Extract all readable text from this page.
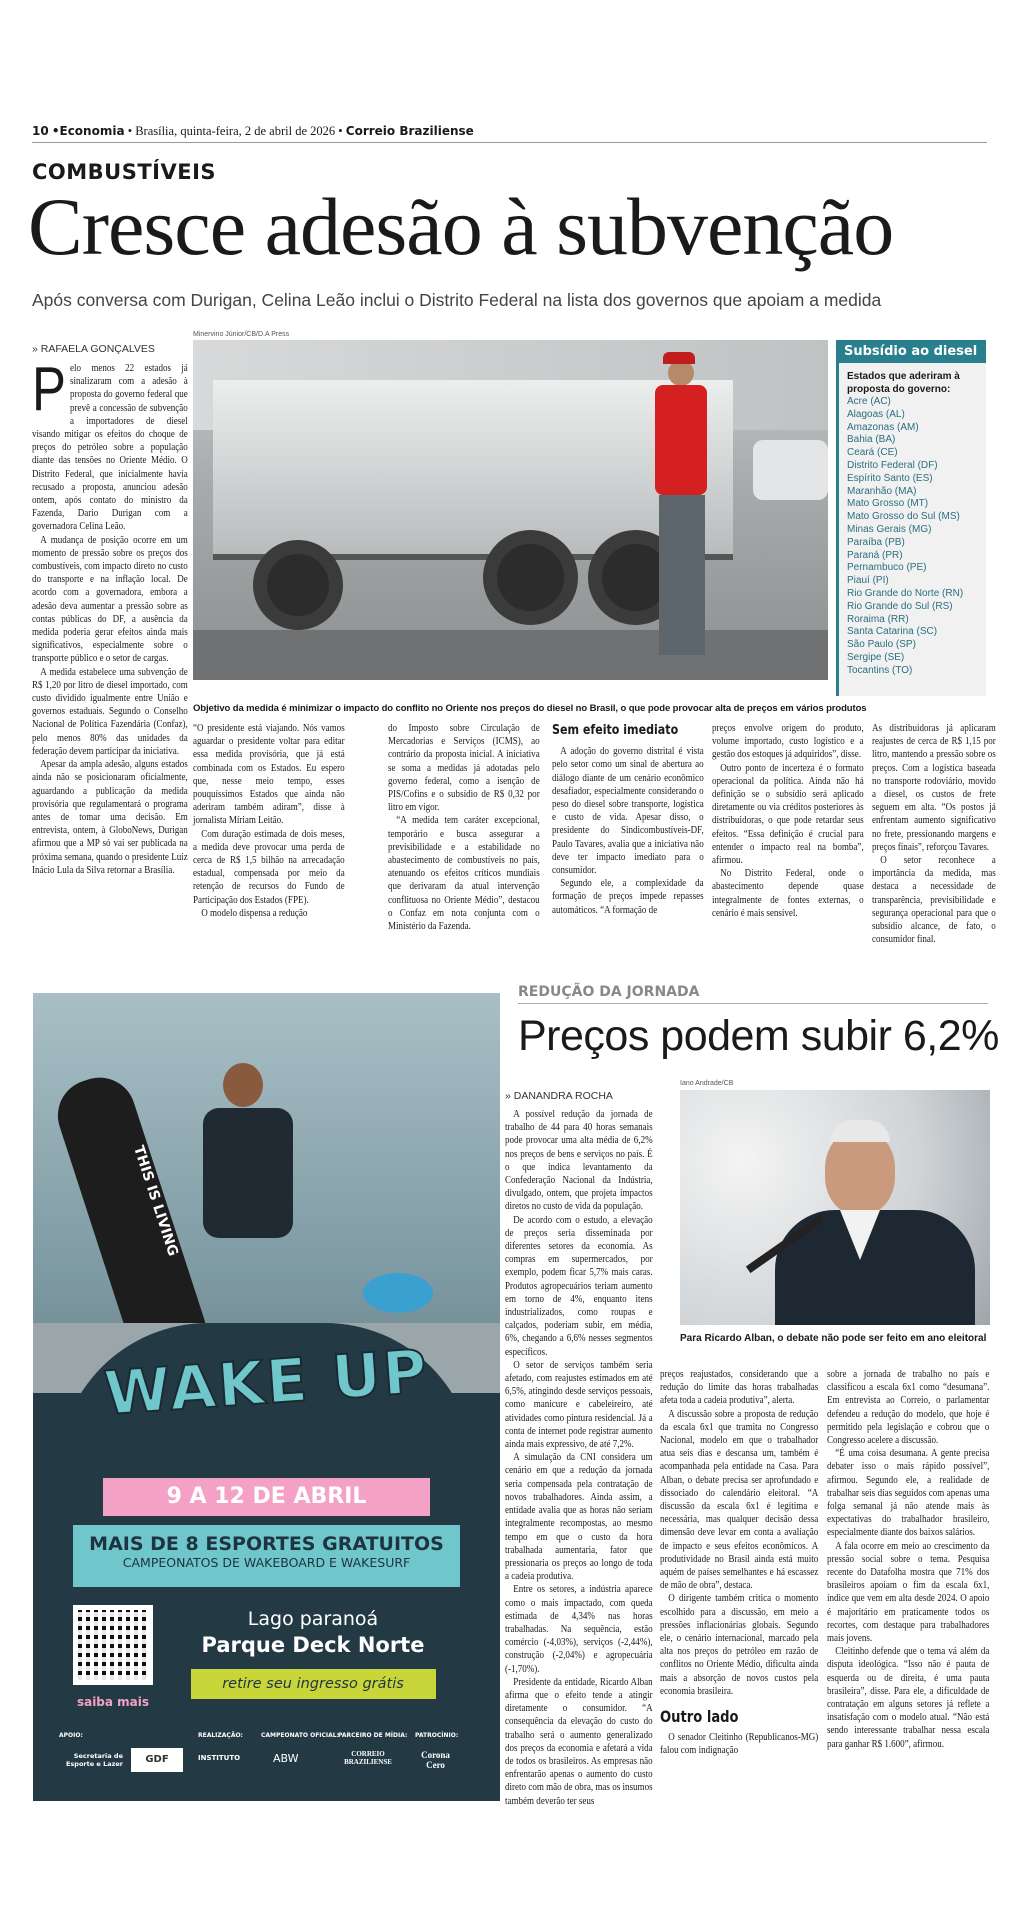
10 •Economia • Brasília, quinta-feira, 2 de abril de 2026 • Correio Braziliense
COMBUSTÍVEIS
Cresce adesão à subvenção
Após conversa com Durigan, Celina Leão inclui o Distrito Federal na lista dos governos que apoiam a medida
» RAFAELA GONÇALVES
P elo menos 22 estados já sinalizaram com a adesão à proposta do governo federal que prevê a concessão de subvenção a importadores de diesel visando mitigar os efeitos do choque de preços do petróleo sobre a população diante das tensões no Oriente Médio. O Distrito Federal, que inicialmente havia recusado a proposta, anunciou adesão ontem, após contato do ministro da Fazenda, Dario Durigan com a governadora Celina Leão.

A mudança de posição ocorre em um momento de pressão sobre os preços dos combustíveis, com impacto direto no custo do transporte e na inflação local. De acordo com a governadora, embora a adesão deva aumentar a pressão sobre as contas públicas do DF, a ausência da medida poderia gerar efeitos ainda mais significativos, especialmente sobre o transporte público e o setor de cargas.

A medida estabelece uma subvenção de R$ 1,20 por litro de diesel importado, com custo dividido igualmente entre União e governos estaduais. Segundo o Conselho Nacional de Política Fazendária (Confaz), pelo menos 80% das unidades da federação devem participar da iniciativa.

Apesar da ampla adesão, alguns estados ainda não se posicionaram oficialmente, aguardando a publicação da medida provisória que regulamentará o programa antes de tomar uma decisão. Em entrevista, ontem, à GloboNews, Durigan afirmou que a MP só vai ser publicada na próxima semana, quando o presidente Luiz Inácio Lula da Silva retornar a Brasília.

Minervino Júnior/CB/D.A Press
Objetivo da medida é minimizar o impacto do conflito no Oriente nos preços do diesel no Brasil, o que pode provocar alta de preços em vários produtos
Subsídio ao diesel
Estados que aderiram à proposta do governo:
Acre (AC)
Alagoas (AL)
Amazonas (AM)
Bahia (BA)
Ceará (CE)
Distrito Federal (DF)
Espírito Santo (ES)
Maranhão (MA)
Mato Grosso (MT)
Mato Grosso do Sul (MS)
Minas Gerais (MG)
Paraíba (PB)
Paraná (PR)
Pernambuco (PE)
Piauí (PI)
Rio Grande do Norte (RN)
Rio Grande do Sul (RS)
Roraima (RR)
Santa Catarina (SC)
São Paulo (SP)
Sergipe (SE)
Tocantins (TO)

“O presidente está viajando. Nós vamos aguardar o presidente voltar para editar essa medida provisória, que já está combinada com os Estados. Eu espero que, nesse meio tempo, esses pouquíssimos Estados que ainda não aderiram também adiram”, disse à jornalista Míriam Leitão.

Com duração estimada de dois meses, a medida deve provocar uma perda de cerca de R$ 1,5 bilhão na arrecadação estadual, compensada por meio da retenção de recursos do Fundo de Participação dos Estados (FPE).

O modelo dispensa a redução

do Imposto sobre Circulação de Mercadorias e Serviços (ICMS), ao contrário da proposta inicial. A iniciativa se soma a medidas já adotadas pelo governo federal, como a isenção de PIS/Cofins e o subsídio de R$ 0,32 por litro em vigor.

“A medida tem caráter excepcional, temporário e busca assegurar a previsibilidade e a estabilidade no abastecimento de combustíveis no país, atenuando os efeitos críticos mundiais que derivaram da atual intervenção conflituosa no Oriente Médio”, destacou o Confaz em nota conjunta com o Ministério da Fazenda.

Sem efeito imediato

A adoção do governo distrital é vista pelo setor como um sinal de abertura ao diálogo diante de um cenário econômico desafiador, especialmente considerando o peso do diesel sobre transporte, logística e custo de vida. Apesar disso, o presidente do Sindicombustíveis-DF, Paulo Tavares, avalia que a iniciativa não deve ter impacto imediato para o consumidor.

Segundo ele, a complexidade da formação de preços impede repasses automáticos. “A formação de

preços envolve origem do produto, volume importado, custo logístico e a gestão dos estoques já adquiridos”, disse.

Outro ponto de incerteza é o formato operacional da política. Ainda não há definição se o subsídio será aplicado diretamente ou via créditos posteriores às distribuidoras, o que pode retardar seus efeitos. “Essa definição é crucial para entender o impacto real na bomba”, afirmou.

No Distrito Federal, onde o abastecimento depende quase integralmente de fontes externas, o cenário é mais sensível.

As distribuidoras já aplicaram reajustes de cerca de R$ 1,15 por litro, mantendo a pressão sobre os preços. Com a logística baseada no transporte rodoviário, movido a diesel, os custos de frete seguem em alta. “Os postos já enfrentam aumento significativo no frete, pressionando margens e preços finais”, reforçou Tavares.

O setor reconhece a importância da medida, mas destaca a necessidade de transparência, previsibilidade e segurança operacional para que o subsídio alcance, de fato, o consumidor final.

THIS IS LIVING
WAKE UP
9 A 12 DE ABRIL
MAIS DE 8 ESPORTES GRATUITOS
CAMPEONATOS DE WAKEBOARD E WAKESURF
saiba mais
Lago paranoá
Parque Deck Norte
retire seu ingresso grátis
APOIO:	REALIZAÇÃO:	CAMPEONATO OFICIAL:
PARCEIRO DE MÍDIA: PATROCÍNIO:
Secretaria de Esporte e Lazer	GDF	INSTITUTO	ABW	CORREIO BRAZILIENSE
Corona Cero
REDUÇÃO DA JORNADA
Preços podem subir 6,2%
Iano Andrade/CB
» DANANDRA ROCHA
Para Ricardo Alban, o debate não pode ser feito em ano eleitoral

A possível redução da jornada de trabalho de 44 para 40 horas semanais pode provocar uma alta média de 6,2% nos preços de bens e serviços no país. É o que indica levantamento da Confederação Nacional da Indústria, divulgado, ontem, que projeta impactos diretos no custo de vida da população.

De acordo com o estudo, a elevação de preços seria disseminada por diferentes setores da economia. As compras em supermercados, por exemplo, podem ficar 5,7% mais caras. Produtos agropecuários teriam aumento em torno de 4%, enquanto itens industrializados, como roupas e calçados, poderiam subir, em média, 6%, chegando a 6,6% nesses segmentos específicos.

O setor de serviços também seria afetado, com reajustes estimados em até 6,5%, atingindo desde serviços pessoais, como manicure e cabeleireiro, até atividades como pintura residencial. Já a conta de internet pode registrar aumento ainda mais expressivo, de até 7,2%.

A simulação da CNI considera um cenário em que a redução da jornada seria compensada pela contratação de novos trabalhadores. Ainda assim, a entidade avalia que as horas não seriam integralmente recompostas, ao mesmo tempo em que o custo da hora trabalhada aumentaria, fator que pressionaria os preços ao longo de toda a cadeia produtiva.

Entre os setores, a indústria aparece como o mais impactado, com queda estimada de 4,34% nas horas trabalhadas. Na sequência, estão comércio (-4,03%), serviços (-2,44%), construção (-2,04%) e agropecuária (-1,70%).

Presidente da entidade, Ricardo Alban afirma que o efeito tende a atingir diretamente o consumidor. “A consequência da elevação do custo do trabalho será o aumento generalizado dos preços da economia e afetará a vida de todos os brasileiros. As empresas não enfrentarão apenas o aumento do custo direto com mão de obra, mas os insumos também deverão ter seus

preços reajustados, considerando que a redução do limite das horas trabalhadas afeta toda a cadeia produtiva”, alerta.

A discussão sobre a proposta de redução da escala 6x1 que tramita no Congresso Nacional, modelo em que o trabalhador atua seis dias e descansa um, também é acompanhada pela entidade na Casa. Para Alban, o debate precisa ser aprofundado e dissociado do calendário eleitoral. “A discussão da escala 6x1 é legítima e necessária, mas qualquer decisão dessa dimensão deve levar em conta a avaliação de impacto e seus efeitos econômicos. A produtividade no Brasil ainda está muito aquém de países semelhantes e há escassez de mão de obra”, destaca.

O dirigente também critica o momento escolhido para a discussão, em meio a pressões inflacionárias globais. Segundo ele, o cenário internacional, marcado pela alta nos preços do petróleo em razão de conflitos no Oriente Médio, dificulta ainda mais a absorção de novos custos pela economia brasileira.

Outro lado

O senador Cleitinho (Republicanos-MG) falou com indignação

sobre a jornada de trabalho no país e classificou a escala 6x1 como “desumana”. Em entrevista ao Correio, o parlamentar defendeu a redução do modelo, que hoje é permitido pela legislação e cobrou que o Congresso acelere a discussão.

“É uma coisa desumana. A gente precisa debater isso o mais rápido possível”, afirmou. Segundo ele, a realidade de trabalhar seis dias seguidos com apenas uma folga semanal já não atende mais às expectativas do trabalhador brasileiro, especialmente diante dos baixos salários.

A fala ocorre em meio ao crescimento da pressão social sobre o tema. Pesquisa recente do Datafolha mostra que 71% dos brasileiros apoiam o fim da escala 6x1, índice que vem em alta desde 2024. O apoio é majoritário em praticamente todos os recortes, com destaque para trabalhadores mais jovens.

Cleitinho defende que o tema vá além da disputa ideológica. “Isso não é pauta de esquerda ou de direita, é uma pauta brasileira”, disse. Para ele, a dificuldade de contratação em alguns setores já reflete a insatisfação com o modelo atual. “Não está sendo interessante trabalhar nessa escala para ganhar R$ 1.600”, afirmou.
